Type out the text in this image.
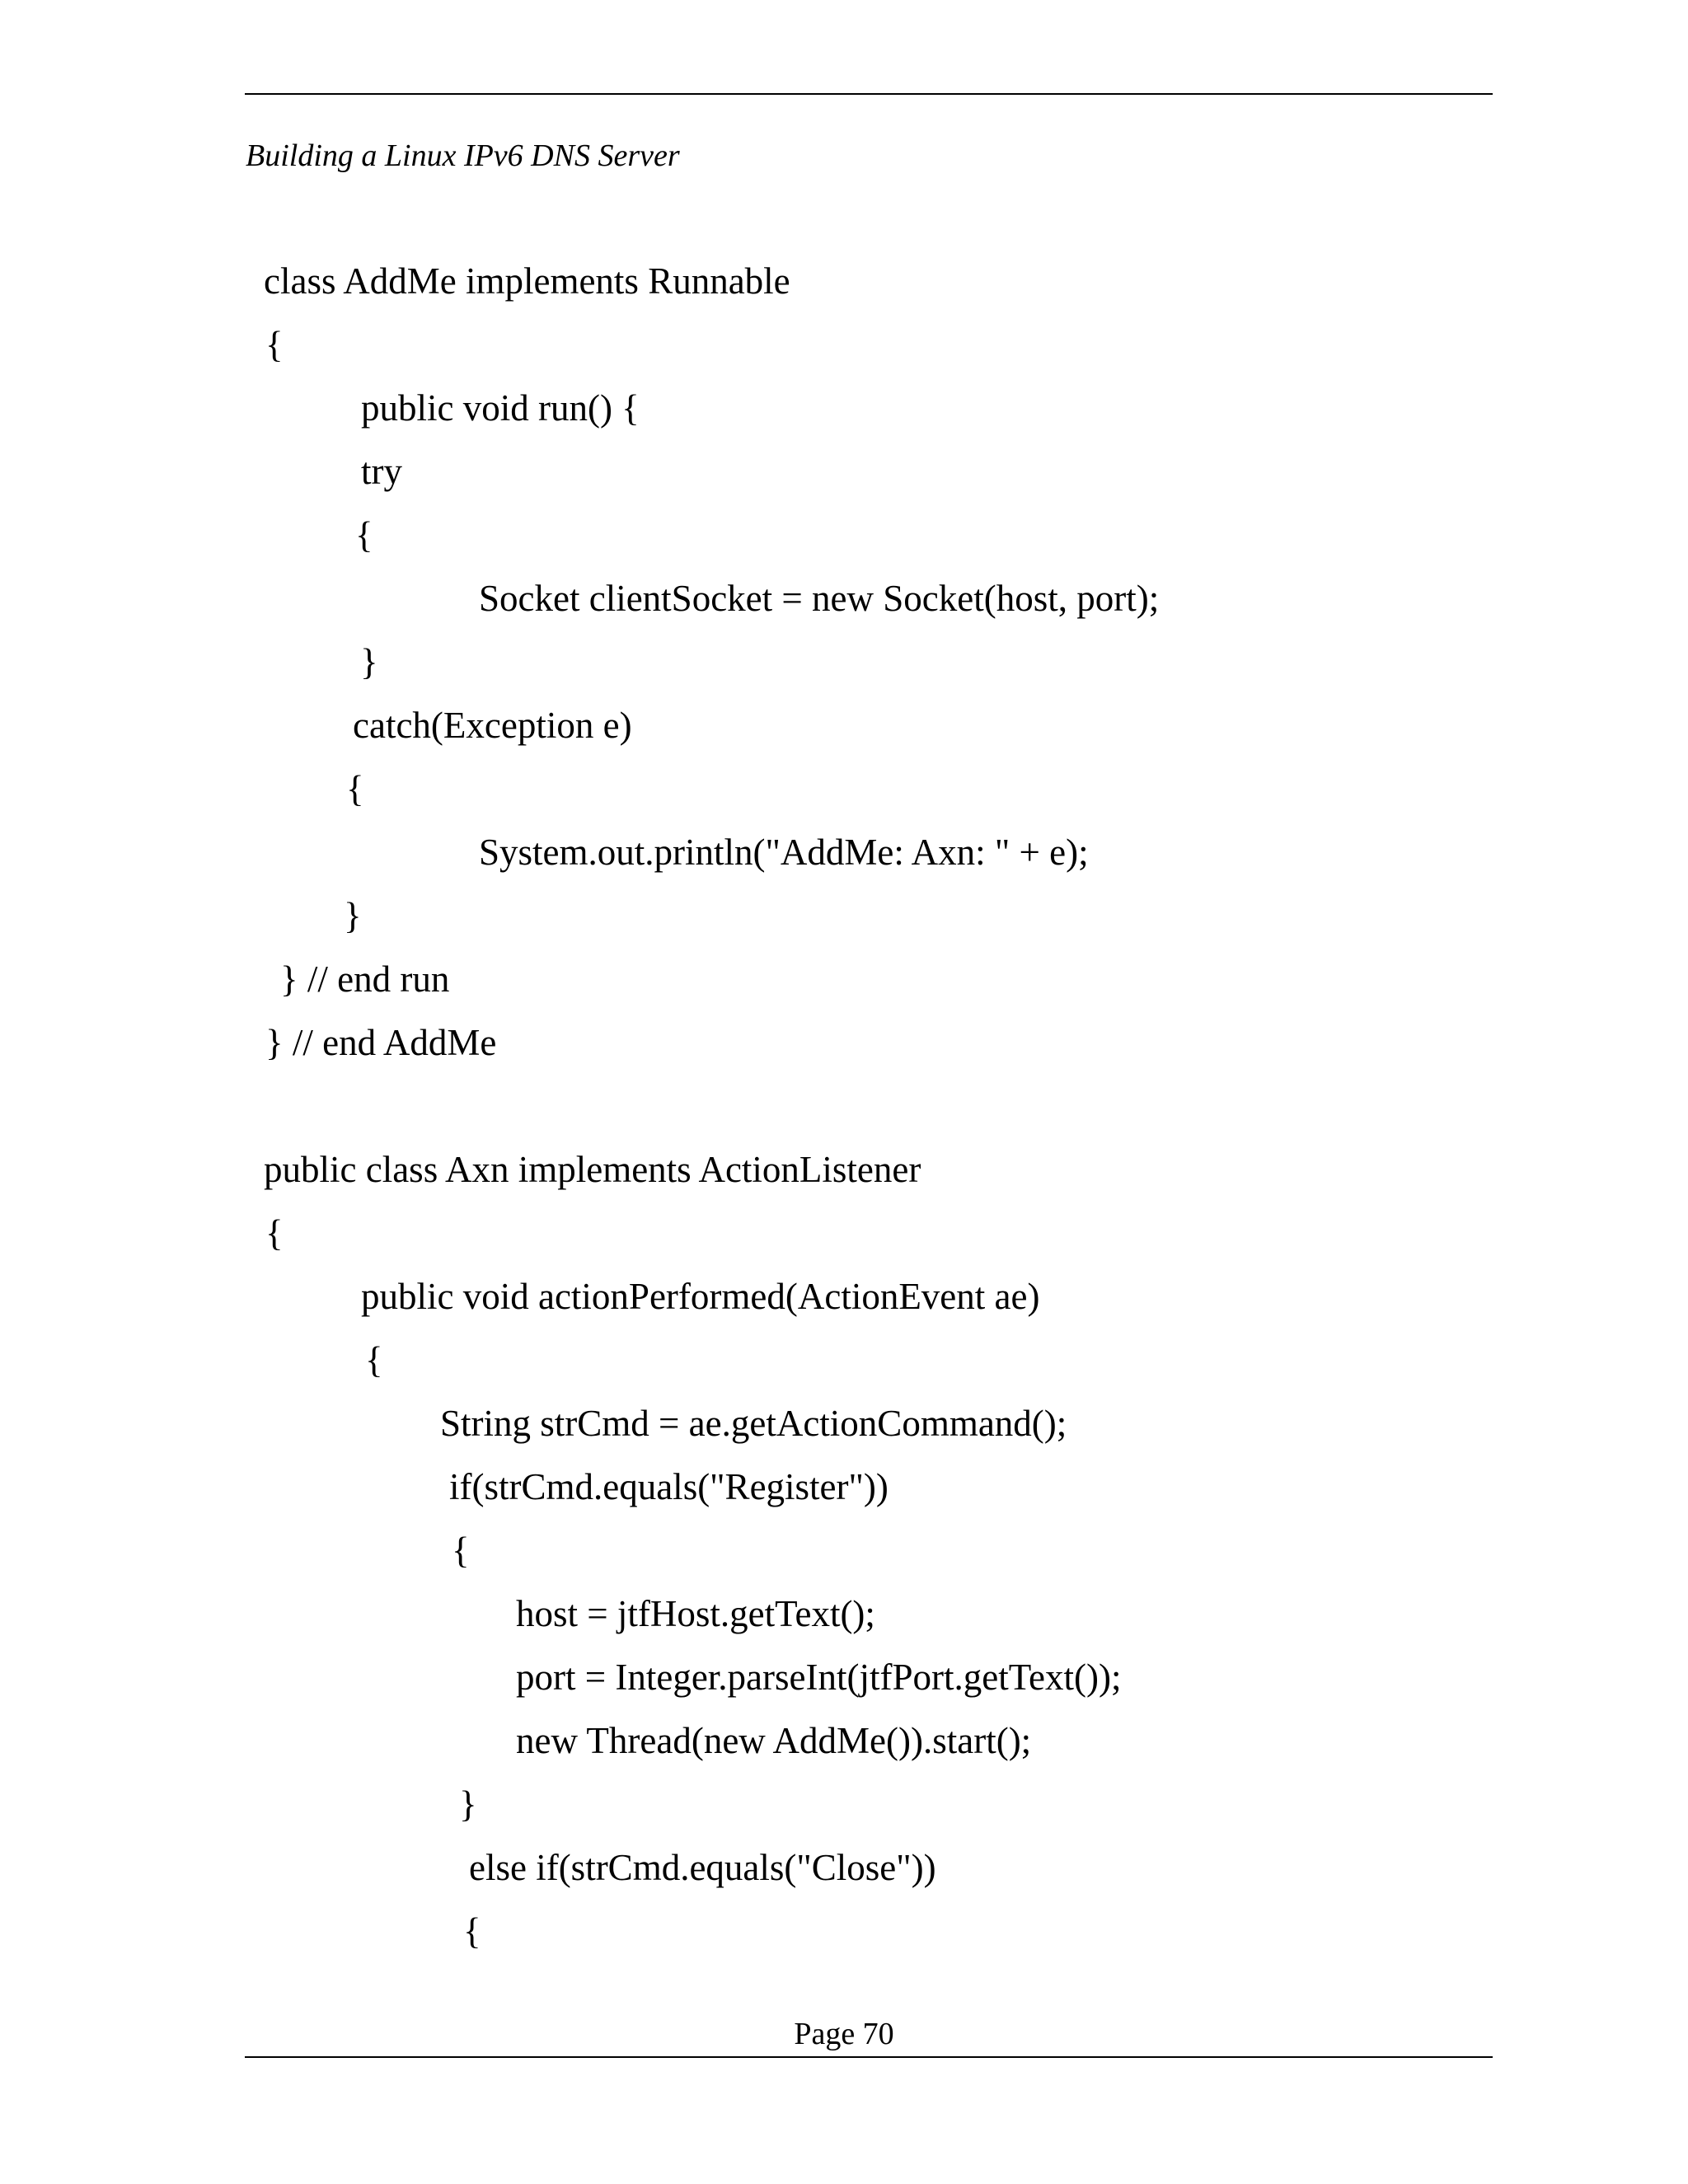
Building a Linux IPv6 DNS Server
class AddMe implements Runnable
{
public void run() {
try
{
Socket clientSocket = new Socket(host, port);
}
catch(Exception e)
{
System.out.println("AddMe: Axn: " + e);
}
} // end run
} // end AddMe
public class Axn implements ActionListener
{
public void actionPerformed(ActionEvent ae)
{
String strCmd = ae.getActionCommand();
if(strCmd.equals("Register"))
{
host = jtfHost.getText();
port = Integer.parseInt(jtfPort.getText());
new Thread(new AddMe()).start();
}
else if(strCmd.equals("Close"))
{
Page 70
